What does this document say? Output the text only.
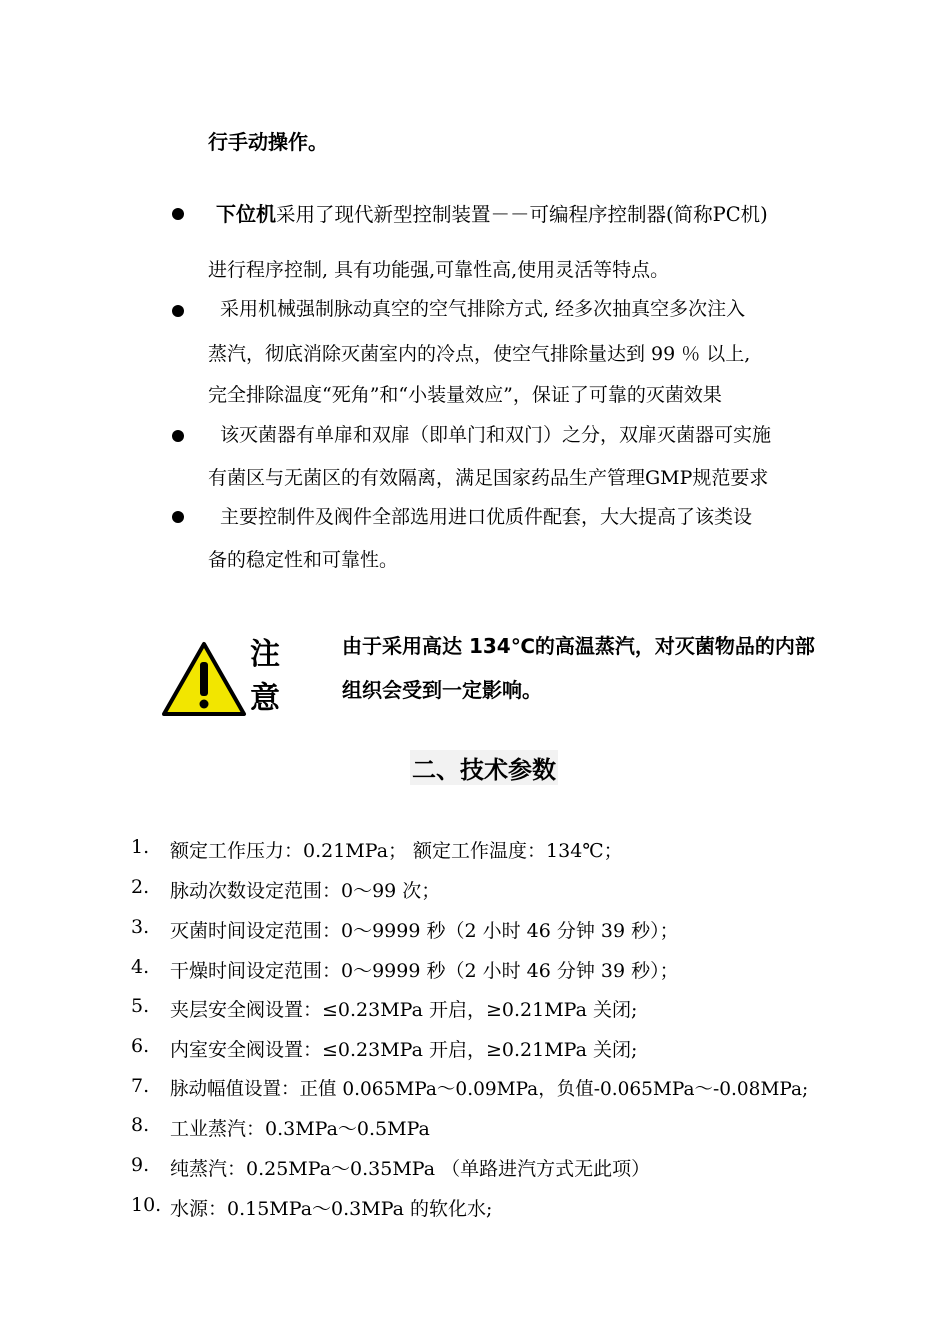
行手动操作。
下位机采用了现代新型控制装置－－可编程序控制器(简称PC机)
进行程序控制, 具有功能强,可靠性高,使用灵活等特点。
采用机械强制脉动真空的空气排除方式, 经多次抽真空多次注入
蒸汽，彻底消除灭菌室内的冷点，使空气排除量达到 99 ％ 以上,
完全排除温度“死角”和“小装量效应”，保证了可靠的灭菌效果
该灭菌器有单扉和双扉（即单门和双门）之分，双扉灭菌器可实施
有菌区与无菌区的有效隔离，满足国家药品生产管理GMP规范要求
主要控制件及阀件全部选用进口优质件配套，大大提高了该类设
备的稳定性和可靠性。
注
意
由于采用高达 134℃的高温蒸汽，对灭菌物品的内部
组织会受到一定影响。
二、技术参数
1. 额定工作压力：0.21MPa； 额定工作温度：134℃；
2. 脉动次数设定范围：0～99 次；
3. 灭菌时间设定范围：0～9999 秒（2 小时 46 分钟 39 秒）；
4. 干燥时间设定范围：0～9999 秒（2 小时 46 分钟 39 秒）；
5. 夹层安全阀设置：≤0.23MPa 开启，≥0.21MPa 关闭;
6. 内室安全阀设置：≤0.23MPa 开启，≥0.21MPa 关闭;
7. 脉动幅值设置：正值 0.065MPa～0.09MPa，负值-0.065MPa～-0.08MPa;
8. 工业蒸汽：0.3MPa～0.5MPa
9. 纯蒸汽：0.25MPa～0.35MPa （单路进汽方式无此项）
10. 水源：0.15MPa～0.3MPa 的软化水;
